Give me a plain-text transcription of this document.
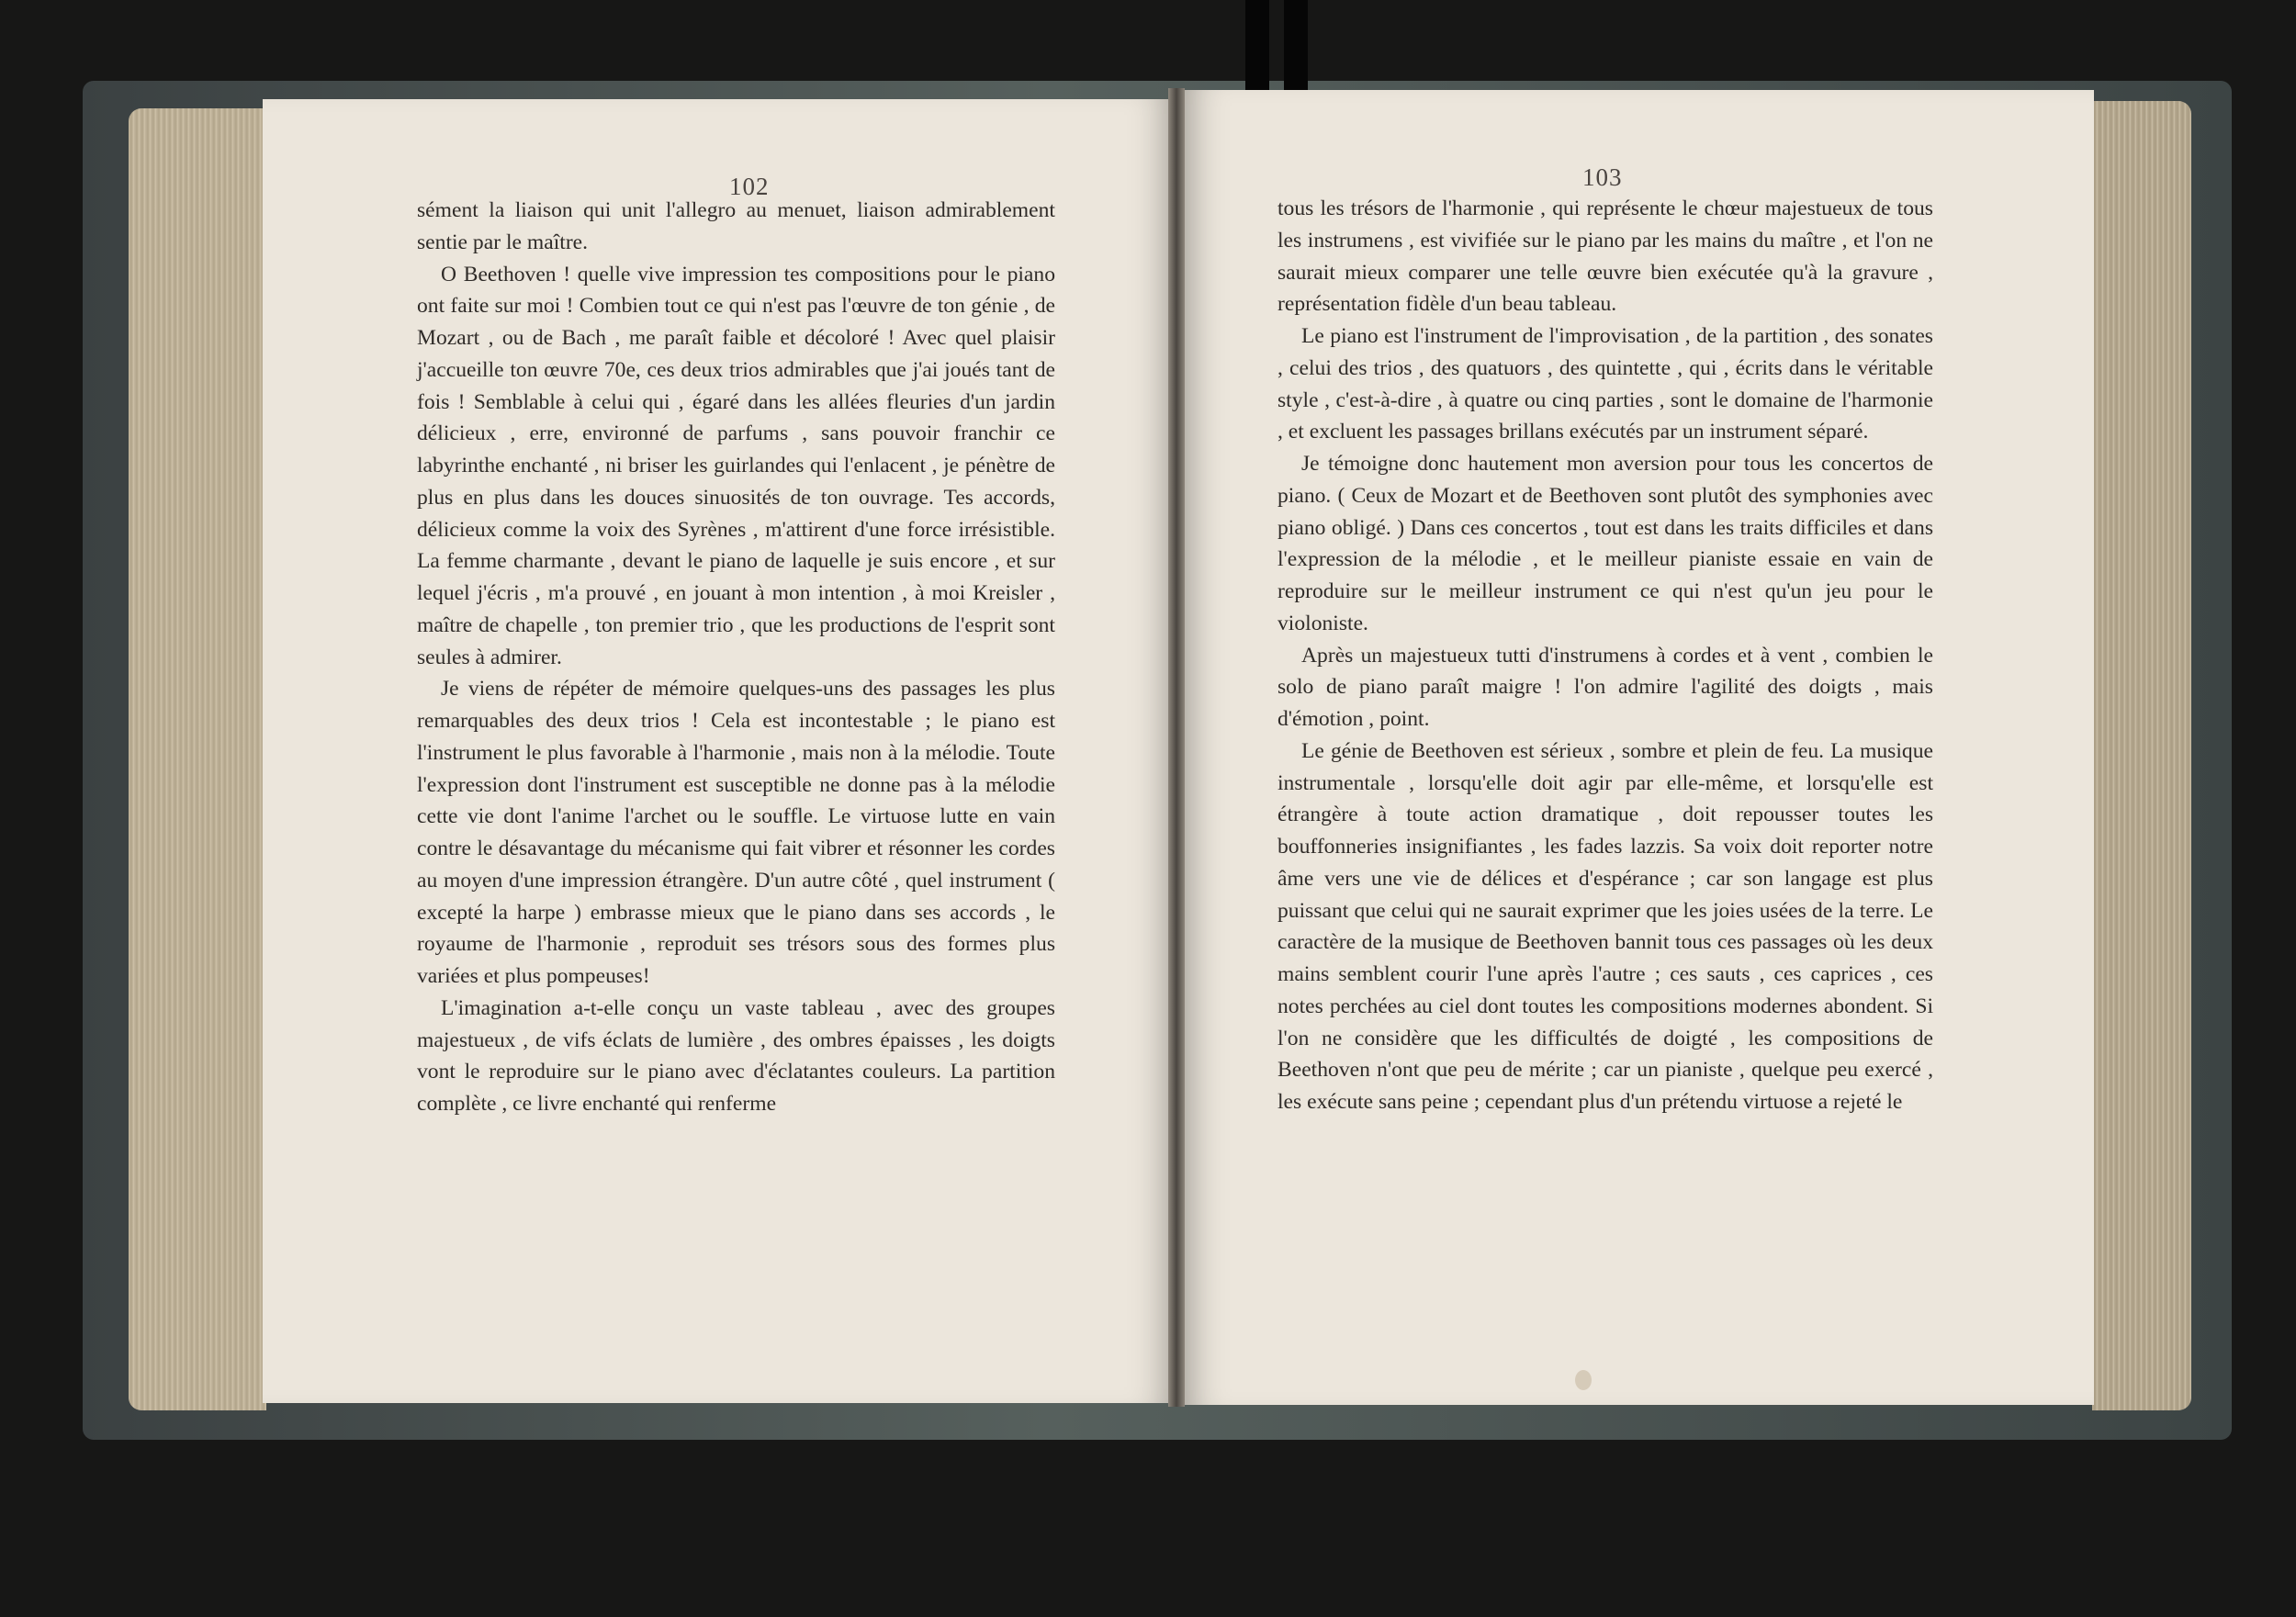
102

sément la liaison qui unit l'allegro au menuet, liaison admirablement sentie par le maître.

O Beethoven ! quelle vive impression tes compositions pour le piano ont faite sur moi ! Combien tout ce qui n'est pas l'œuvre de ton génie , de Mozart , ou de Bach , me paraît faible et décoloré ! Avec quel plaisir j'accueille ton œuvre 70e, ces deux trios admirables que j'ai joués tant de fois ! Semblable à celui qui , égaré dans les allées fleuries d'un jardin délicieux , erre, environné de parfums , sans pouvoir franchir ce labyrinthe enchanté , ni briser les guirlandes qui l'enlacent , je pénètre de plus en plus dans les douces sinuosités de ton ouvrage. Tes accords, délicieux comme la voix des Syrènes , m'attirent d'une force irrésistible. La femme charmante , devant le piano de laquelle je suis encore , et sur lequel j'écris , m'a prouvé , en jouant à mon intention , à moi Kreisler , maître de chapelle , ton premier trio , que les productions de l'esprit sont seules à admirer.

Je viens de répéter de mémoire quelques-uns des passages les plus remarquables des deux trios ! Cela est incontestable ; le piano est l'instrument le plus favorable à l'harmonie , mais non à la mélodie. Toute l'expression dont l'instrument est susceptible ne donne pas à la mélodie cette vie dont l'anime l'archet ou le souffle. Le virtuose lutte en vain contre le désavantage du mécanisme qui fait vibrer et résonner les cordes au moyen d'une impression étrangère. D'un autre côté , quel instrument ( excepté la harpe ) embrasse mieux que le piano dans ses accords , le royaume de l'harmonie , reproduit ses trésors sous des formes plus variées et plus pompeuses!

L'imagination a-t-elle conçu un vaste tableau , avec des groupes majestueux , de vifs éclats de lumière , des ombres épaisses , les doigts vont le reproduire sur le piano avec d'éclatantes couleurs. La partition complète , ce livre enchanté qui renferme

103

tous les trésors de l'harmonie , qui représente le chœur majestueux de tous les instrumens , est vivifiée sur le piano par les mains du maître , et l'on ne saurait mieux comparer une telle œuvre bien exécutée qu'à la gravure , représentation fidèle d'un beau tableau.

Le piano est l'instrument de l'improvisation , de la partition , des sonates , celui des trios , des quatuors , des quintette , qui , écrits dans le véritable style , c'est-à-dire , à quatre ou cinq parties , sont le domaine de l'harmonie , et excluent les passages brillans exécutés par un instrument séparé.

Je témoigne donc hautement mon aversion pour tous les concertos de piano. ( Ceux de Mozart et de Beethoven sont plutôt des symphonies avec piano obligé. ) Dans ces concertos , tout est dans les traits difficiles et dans l'expression de la mélodie , et le meilleur pianiste essaie en vain de reproduire sur le meilleur instrument ce qui n'est qu'un jeu pour le violoniste.

Après un majestueux tutti d'instrumens à cordes et à vent , combien le solo de piano paraît maigre ! l'on admire l'agilité des doigts , mais d'émotion , point.

Le génie de Beethoven est sérieux , sombre et plein de feu. La musique instrumentale , lorsqu'elle doit agir par elle-même, et lorsqu'elle est étrangère à toute action dramatique , doit repousser toutes les bouffonneries insignifiantes , les fades lazzis. Sa voix doit reporter notre âme vers une vie de délices et d'espérance ; car son langage est plus puissant que celui qui ne saurait exprimer que les joies usées de la terre. Le caractère de la musique de Beethoven bannit tous ces passages où les deux mains semblent courir l'une après l'autre ; ces sauts , ces caprices , ces notes perchées au ciel dont toutes les compositions modernes abondent. Si l'on ne considère que les difficultés de doigté , les compositions de Beethoven n'ont que peu de mérite ; car un pianiste , quelque peu exercé , les exécute sans peine ; cependant plus d'un prétendu virtuose a rejeté le
